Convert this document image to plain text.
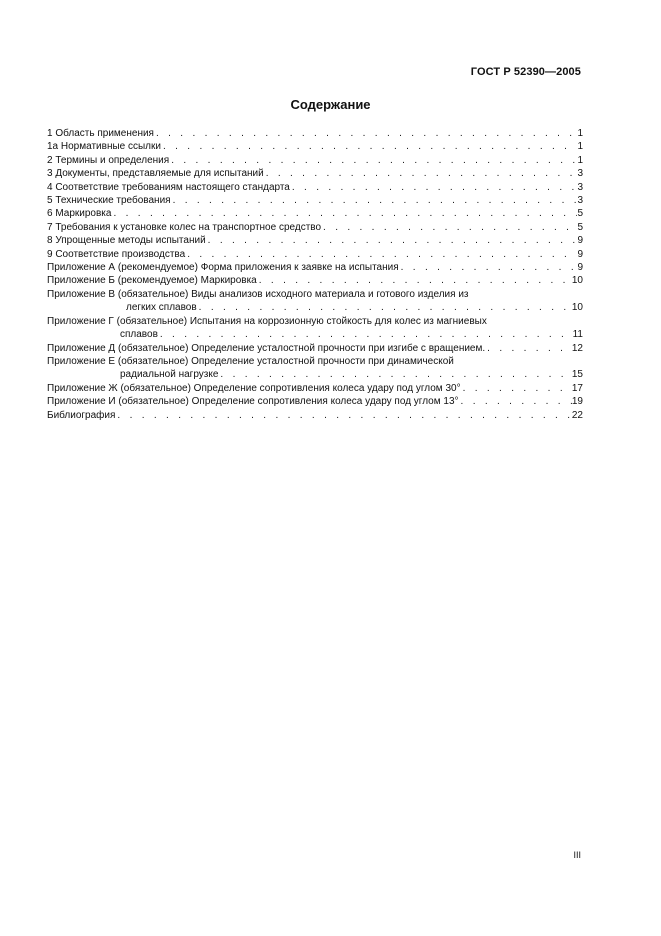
ГОСТ Р 52390—2005
Содержание
1 Область применения . . .	1
1а Нормативные ссылки . . .	1
2 Термины и определения . . .	1
3 Документы, представляемые для испытаний . . .	3
4 Соответствие требованиям настоящего стандарта . . .	3
5 Технические требования . . .	3
6 Маркировка . . .	5
7 Требования к установке колес на транспортное средство . . .	5
8 Упрощенные методы испытаний . . .	9
9 Соответствие производства . . .	9
Приложение А (рекомендуемое) Форма приложения к заявке на испытания . . .	9
Приложение Б (рекомендуемое) Маркировка . . .	10
Приложение В (обязательное) Виды анализов исходного материала и готового изделия из
легких сплавов . . .	10
Приложение Г (обязательное) Испытания на коррозионную стойкость для колес из магниевых
сплавов . . .	11
Приложение Д (обязательное) Определение усталостной прочности при изгибе с вращением. . . .	12
Приложение Е (обязательное) Определение усталостной прочности при динамической
радиальной нагрузке . . .	15
Приложение Ж (обязательное) Определение сопротивления колеса удару под углом 30° . . .	17
Приложение И (обязательное) Определение сопротивления колеса удару под углом 13° . . .	19
Библиография . . .	22
III
